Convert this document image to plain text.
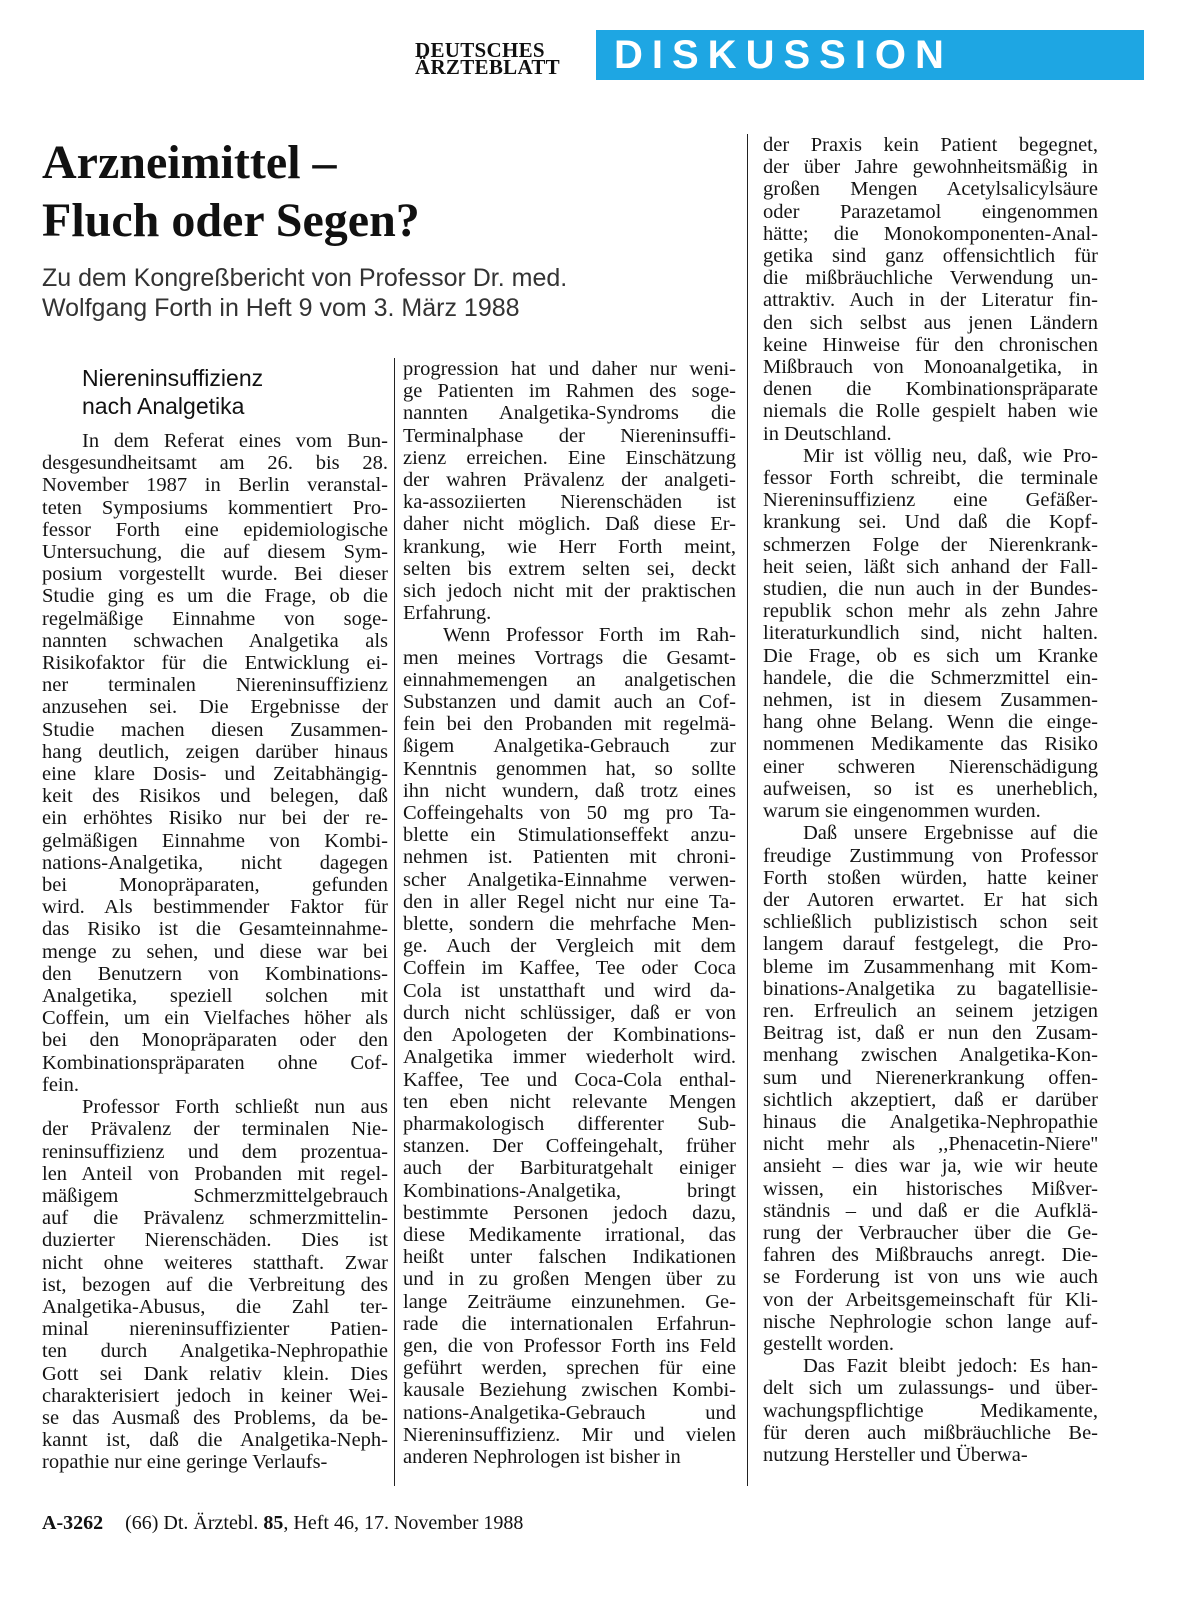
DEUTSCHES
ÄRZTEBLATT	DISKUSSION
Arzneimittel –
Fluch oder Segen?
Zu dem Kongreßbericht von Professor Dr. med.
Wolfgang Forth in Heft 9 vom 3. März 1988
Niereninsuffizienz
nach Analgetika

In dem Referat eines vom Bun-
desgesundheitsamt am 26. bis 28.
November 1987 in Berlin veranstal-
teten Symposiums kommentiert Pro-
fessor Forth eine epidemiologische
Untersuchung, die auf diesem Sym-
posium vorgestellt wurde. Bei dieser
Studie ging es um die Frage, ob die
regelmäßige Einnahme von soge-
nannten schwachen Analgetika als
Risikofaktor für die Entwicklung ei-
ner terminalen Niereninsuffizienz
anzusehen sei. Die Ergebnisse der
Studie machen diesen Zusammen-
hang deutlich, zeigen darüber hinaus
eine klare Dosis- und Zeitabhängig-
keit des Risikos und belegen, daß
ein erhöhtes Risiko nur bei der re-
gelmäßigen Einnahme von Kombi-
nations-Analgetika, nicht dagegen
bei Monopräparaten, gefunden
wird. Als bestimmender Faktor für
das Risiko ist die Gesamteinnahme-
menge zu sehen, und diese war bei
den Benutzern von Kombinations-
Analgetika, speziell solchen mit
Coffein, um ein Vielfaches höher als
bei den Monopräparaten oder den
Kombinationspräparaten ohne Cof-
fein.

Professor Forth schließt nun aus
der Prävalenz der terminalen Nie-
reninsuffizienz und dem prozentua-
len Anteil von Probanden mit regel-
mäßigem Schmerzmittelgebrauch
auf die Prävalenz schmerzmittelin-
duzierter Nierenschäden. Dies ist
nicht ohne weiteres statthaft. Zwar
ist, bezogen auf die Verbreitung des
Analgetika-Abusus, die Zahl ter-
minal niereninsuffizienter Patien-
ten durch Analgetika-Nephropathie
Gott sei Dank relativ klein. Dies
charakterisiert jedoch in keiner Wei-
se das Ausmaß des Problems, da be-
kannt ist, daß die Analgetika-Neph-
ropathie nur eine geringe Verlaufs-

progression hat und daher nur weni-
ge Patienten im Rahmen des soge-
nannten Analgetika-Syndroms die
Terminalphase der Niereninsuffi-
zienz erreichen. Eine Einschätzung
der wahren Prävalenz der analgeti-
ka-assoziierten Nierenschäden ist
daher nicht möglich. Daß diese Er-
krankung, wie Herr Forth meint,
selten bis extrem selten sei, deckt
sich jedoch nicht mit der praktischen
Erfahrung.

Wenn Professor Forth im Rah-
men meines Vortrags die Gesamt-
einnahmemengen an analgetischen
Substanzen und damit auch an Cof-
fein bei den Probanden mit regelmä-
ßigem Analgetika-Gebrauch zur
Kenntnis genommen hat, so sollte
ihn nicht wundern, daß trotz eines
Coffeingehalts von 50 mg pro Ta-
blette ein Stimulationseffekt anzu-
nehmen ist. Patienten mit chroni-
scher Analgetika-Einnahme verwen-
den in aller Regel nicht nur eine Ta-
blette, sondern die mehrfache Men-
ge. Auch der Vergleich mit dem
Coffein im Kaffee, Tee oder Coca
Cola ist unstatthaft und wird da-
durch nicht schlüssiger, daß er von
den Apologeten der Kombinations-
Analgetika immer wiederholt wird.
Kaffee, Tee und Coca-Cola enthal-
ten eben nicht relevante Mengen
pharmakologisch differenter Sub-
stanzen. Der Coffeingehalt, früher
auch der Barbituratgehalt einiger
Kombinations-Analgetika, bringt
bestimmte Personen jedoch dazu,
diese Medikamente irrational, das
heißt unter falschen Indikationen
und in zu großen Mengen über zu
lange Zeiträume einzunehmen. Ge-
rade die internationalen Erfahrun-
gen, die von Professor Forth ins Feld
geführt werden, sprechen für eine
kausale Beziehung zwischen Kombi-
nations-Analgetika-Gebrauch und
Niereninsuffizienz. Mir und vielen
anderen Nephrologen ist bisher in

der Praxis kein Patient begegnet,
der über Jahre gewohnheitsmäßig in
großen Mengen Acetylsalicylsäure
oder Parazetamol eingenommen
hätte; die Monokomponenten-Anal-
getika sind ganz offensichtlich für
die mißbräuchliche Verwendung un-
attraktiv. Auch in der Literatur fin-
den sich selbst aus jenen Ländern
keine Hinweise für den chronischen
Mißbrauch von Monoanalgetika, in
denen die Kombinationspräparate
niemals die Rolle gespielt haben wie
in Deutschland.

Mir ist völlig neu, daß, wie Pro-
fessor Forth schreibt, die terminale
Niereninsuffizienz eine Gefäßer-
krankung sei. Und daß die Kopf-
schmerzen Folge der Nierenkrank-
heit seien, läßt sich anhand der Fall-
studien, die nun auch in der Bundes-
republik schon mehr als zehn Jahre
literaturkundlich sind, nicht halten.
Die Frage, ob es sich um Kranke
handele, die die Schmerzmittel ein-
nehmen, ist in diesem Zusammen-
hang ohne Belang. Wenn die einge-
nommenen Medikamente das Risiko
einer schweren Nierenschädigung
aufweisen, so ist es unerheblich,
warum sie eingenommen wurden.

Daß unsere Ergebnisse auf die
freudige Zustimmung von Professor
Forth stoßen würden, hatte keiner
der Autoren erwartet. Er hat sich
schließlich publizistisch schon seit
langem darauf festgelegt, die Pro-
bleme im Zusammenhang mit Kom-
binations-Analgetika zu bagatellisie-
ren. Erfreulich an seinem jetzigen
Beitrag ist, daß er nun den Zusam-
menhang zwischen Analgetika-Kon-
sum und Nierenerkrankung offen-
sichtlich akzeptiert, daß er darüber
hinaus die Analgetika-Nephropathie
nicht mehr als ,,Phenacetin-Niere''
ansieht – dies war ja, wie wir heute
wissen, ein historisches Mißver-
ständnis – und daß er die Aufklä-
rung der Verbraucher über die Ge-
fahren des Mißbrauchs anregt. Die-
se Forderung ist von uns wie auch
von der Arbeitsgemeinschaft für Kli-
nische Nephrologie schon lange auf-
gestellt worden.

Das Fazit bleibt jedoch: Es han-
delt sich um zulassungs- und über-
wachungspflichtige Medikamente,
für deren auch mißbräuchliche Be-
nutzung Hersteller und Überwa-

A-3262 (66) Dt. Ärztebl. 85, Heft 46, 17. November 1988
